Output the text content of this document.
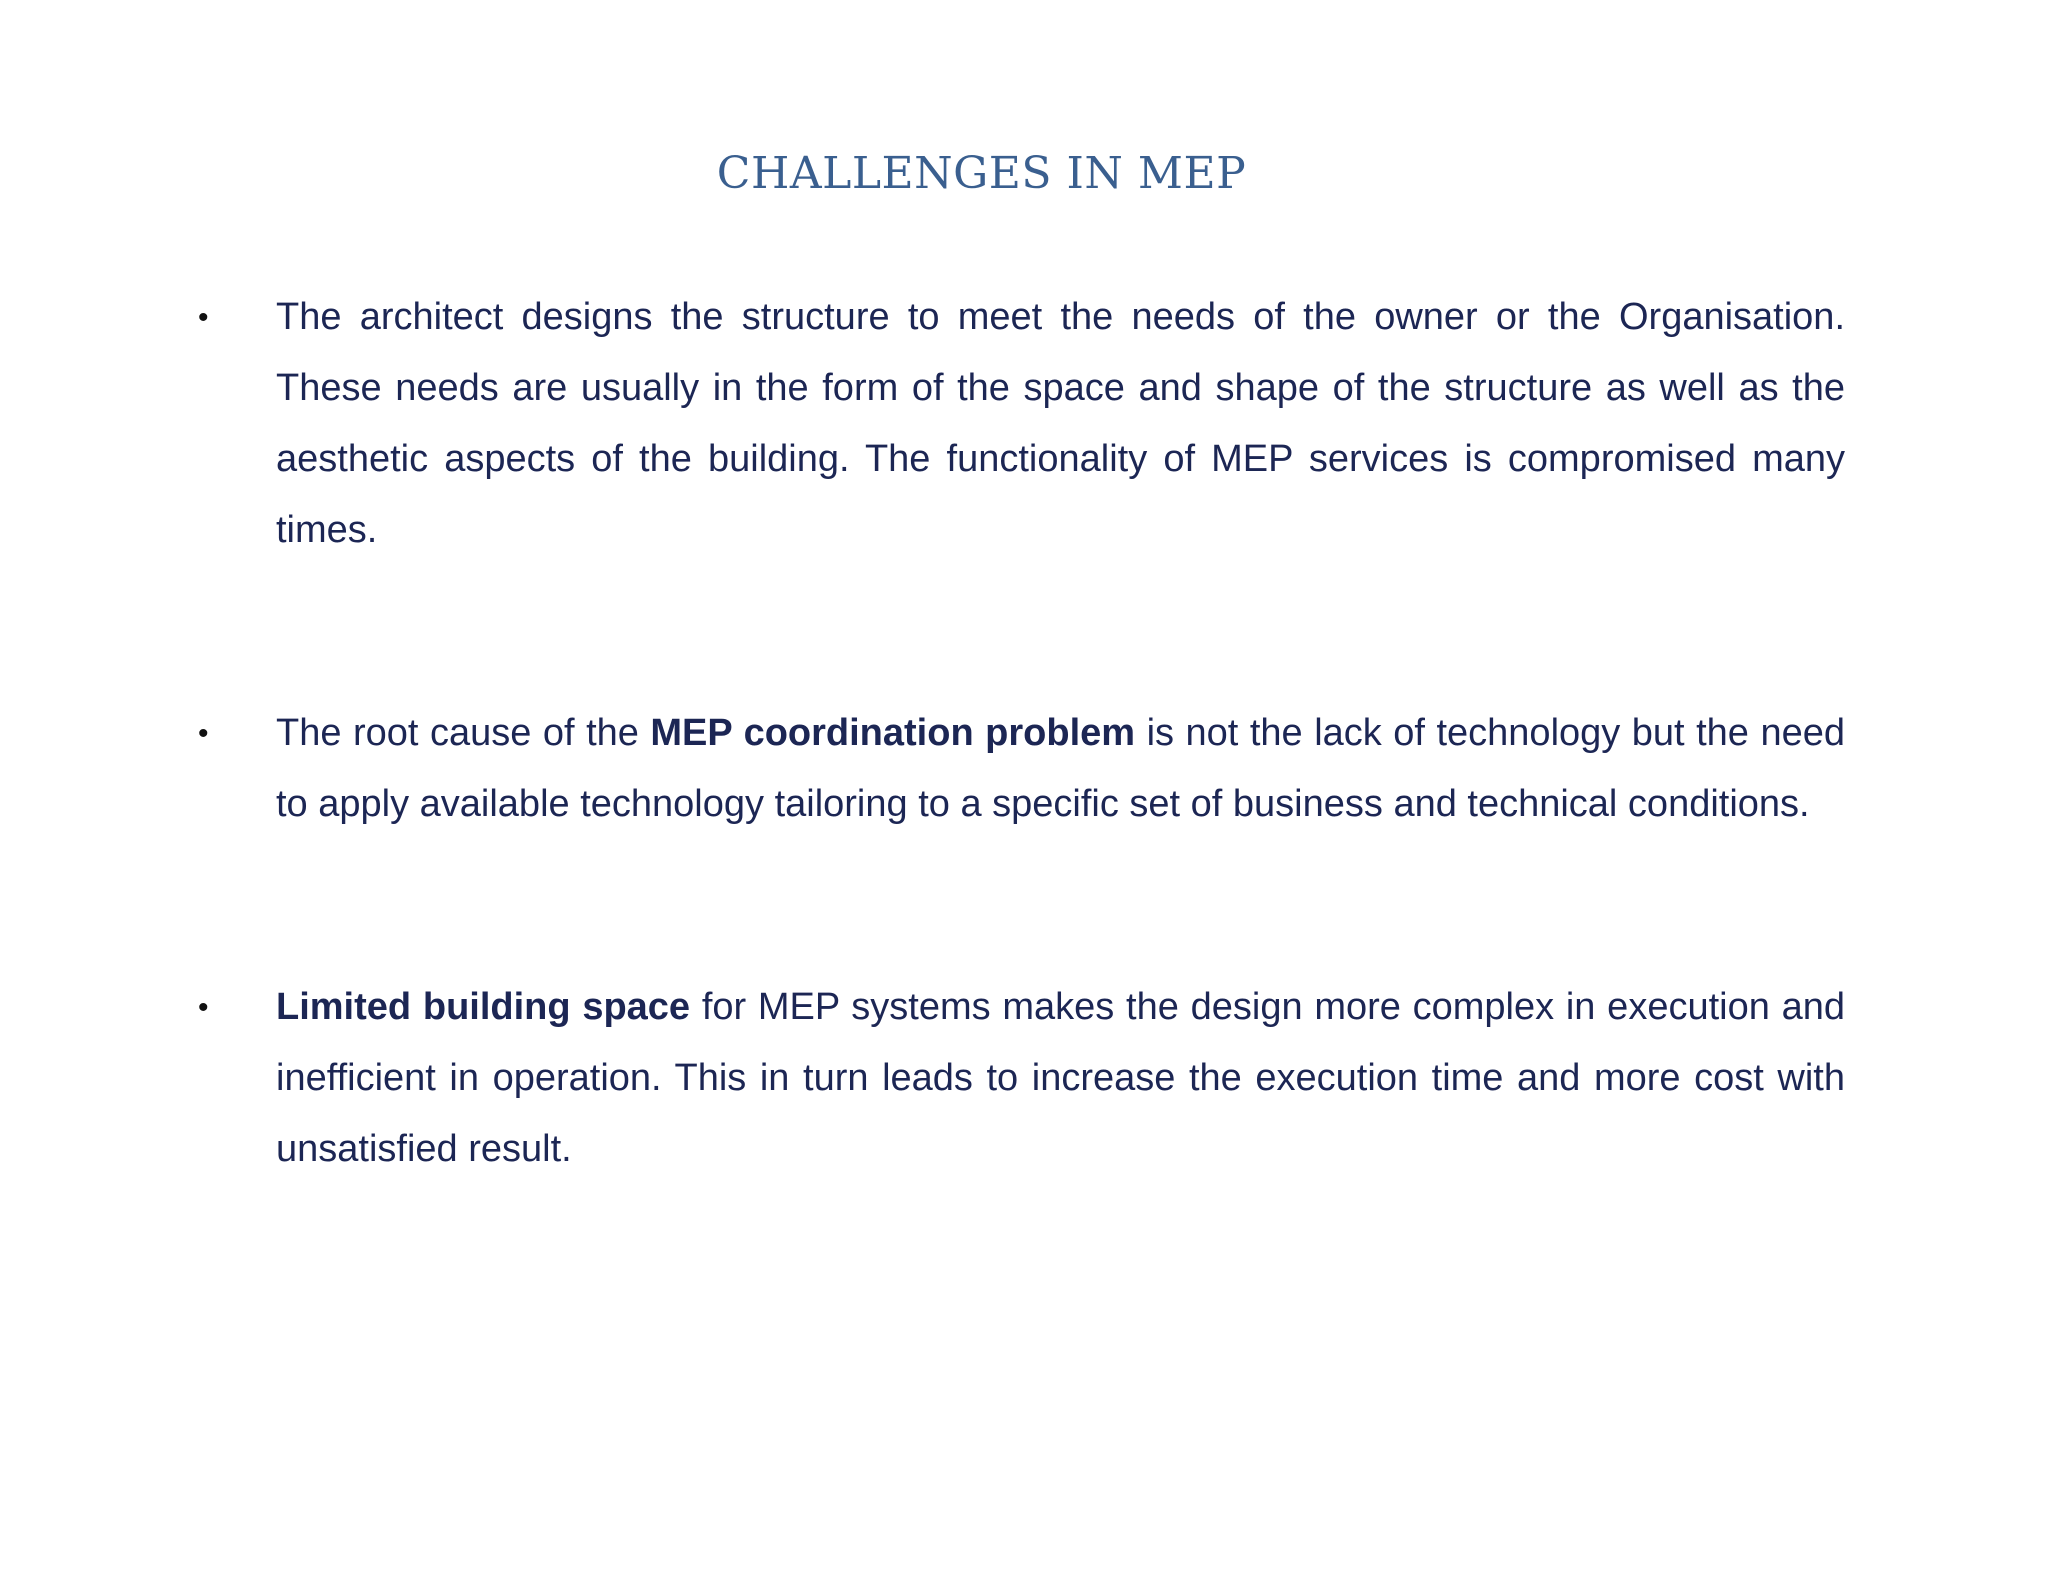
CHALLENGES IN MEP
•	The architect designs the structure to meet the needs of the owner or the Organisation. These needs are usually in the form of the space and shape of the structure as well as the aesthetic aspects of the building. The functionality of MEP services is compromised many times.
•	The root cause of the MEP coordination problem is not the lack of technology but the need to apply available technology tailoring to a specific set of business and technical conditions.
•	Limited building space for MEP systems makes the design more complex in execution and inefficient in operation. This in turn leads to increase the execution time and more cost with unsatisfied result.
